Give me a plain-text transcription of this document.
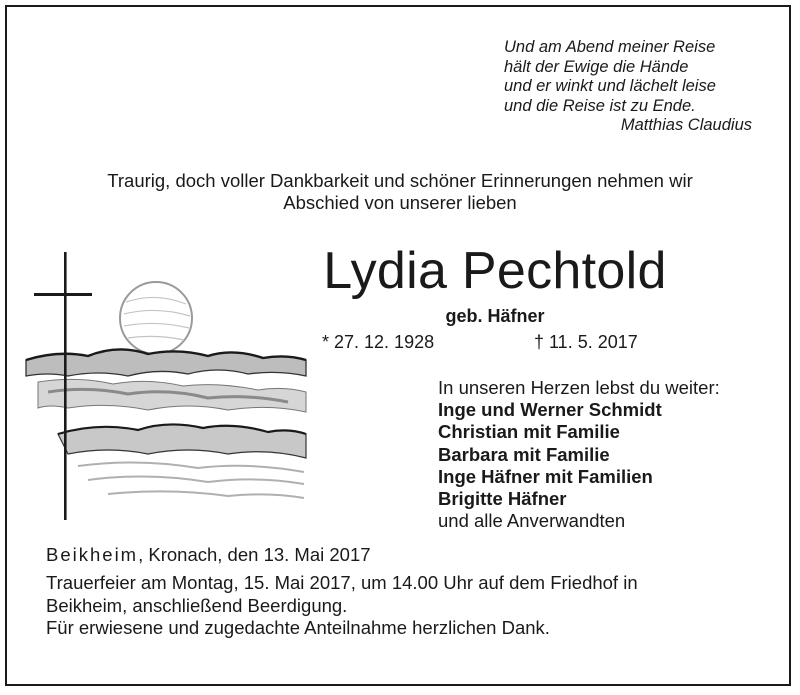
Und am Abend meiner Reise
hält der Ewige die Hände
und er winkt und lächelt leise
und die Reise ist zu Ende.
Matthias Claudius
Traurig, doch voller Dankbarkeit und schöner Erinnerungen nehmen wir
Abschied von unserer lieben
Lydia Pechtold
geb. Häfner
* 27. 12. 1928	† 11. 5. 2017
In unseren Herzen lebst du weiter:
Inge und Werner Schmidt
Christian mit Familie
Barbara mit Familie
Inge Häfner mit Familien
Brigitte Häfner
und alle Anverwandten
Beikheim, Kronach, den 13. Mai 2017
Trauerfeier am Montag, 15. Mai 2017, um 14.00 Uhr auf dem Friedhof in
Beikheim, anschließend Beerdigung.
Für erwiesene und zugedachte Anteilnahme herzlichen Dank.
